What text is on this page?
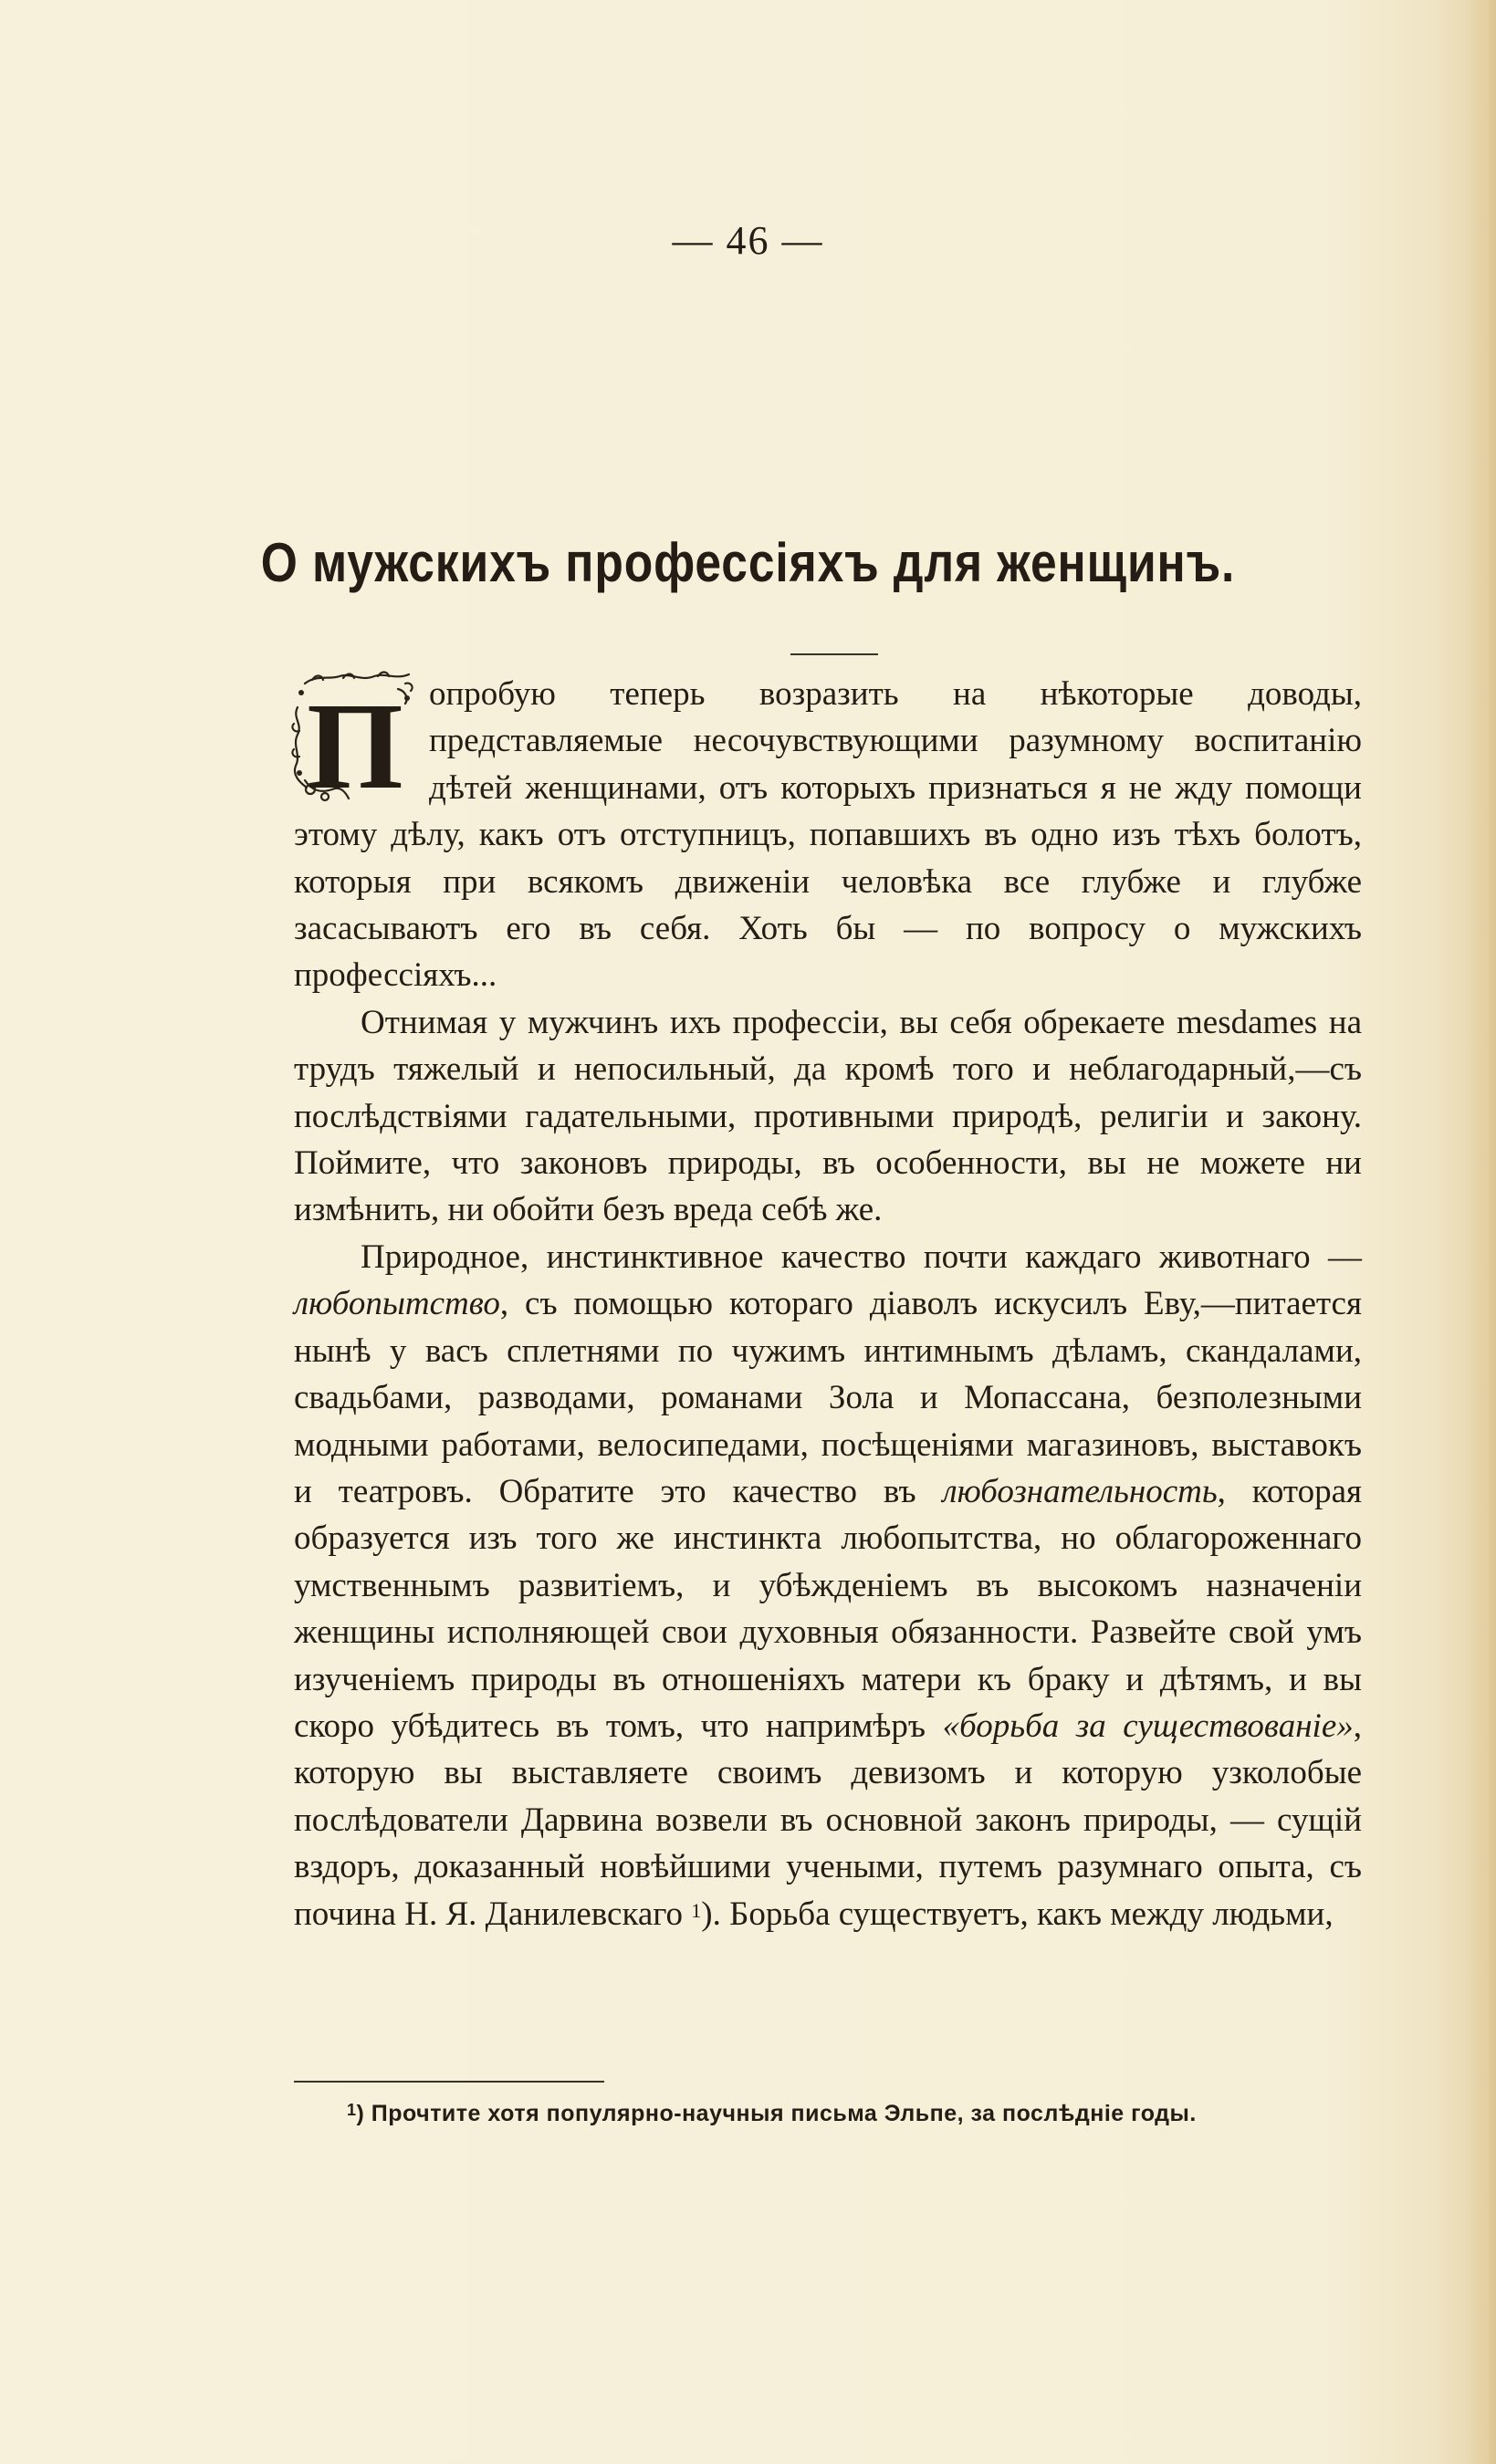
— 46 —
О мужскихъ профессіяхъ для женщинъ.

П опробую теперь возразить на нѣкоторые доводы, представляемые несочувствующими разумному воспитанію дѣтей женщинами, отъ которыхъ признаться я не жду помощи этому дѣлу, какъ отъ отступницъ, попавшихъ въ одно изъ тѣхъ болотъ, которыя при всякомъ движеніи человѣка все глубже и глубже засасываютъ его въ себя. Хоть бы — по вопросу о мужскихъ профессіяхъ...

Отнимая у мужчинъ ихъ профессіи, вы себя обрекаете mesdames на трудъ тяжелый и непосильный, да кромѣ того и неблагодарный,—съ послѣдствіями гадательными, противными природѣ, религіи и закону. Поймите, что законовъ природы, въ особенности, вы не можете ни измѣнить, ни обойти безъ вреда себѣ же.

Природное, инстинктивное качество почти каждаго животнаго —любопытство, съ помощью котораго діаволъ искусилъ Еву,—питается нынѣ у васъ сплетнями по чужимъ интимнымъ дѣламъ, скандалами, свадьбами, разводами, романами Зола и Мопассана, безполезными модными работами, велосипедами, посѣщеніями магазиновъ, выставокъ и театровъ. Обратите это качество въ любознательность, которая образуется изъ того же инстинкта любопытства, но облагороженнаго умственнымъ развитіемъ, и убѣжденіемъ въ высокомъ назначеніи женщины исполняющей свои духовныя обязанности. Развейте свой умъ изученіемъ природы въ отношеніяхъ матери къ браку и дѣтямъ, и вы скоро убѣдитесь въ томъ, что напримѣръ «борьба за существованіе», которую вы выставляете своимъ девизомъ и которую узколобые послѣдователи Дарвина возвели въ основной законъ природы, — сущій вздоръ, доказанный новѣйшими учеными, путемъ разумнаго опыта, съ почина Н. Я. Данилевскаго $^1$). Борьба существуетъ, какъ между людьми,

$^1$) Прочтите хотя популярно-научныя письма Эльпе, за послѣдніе годы.
